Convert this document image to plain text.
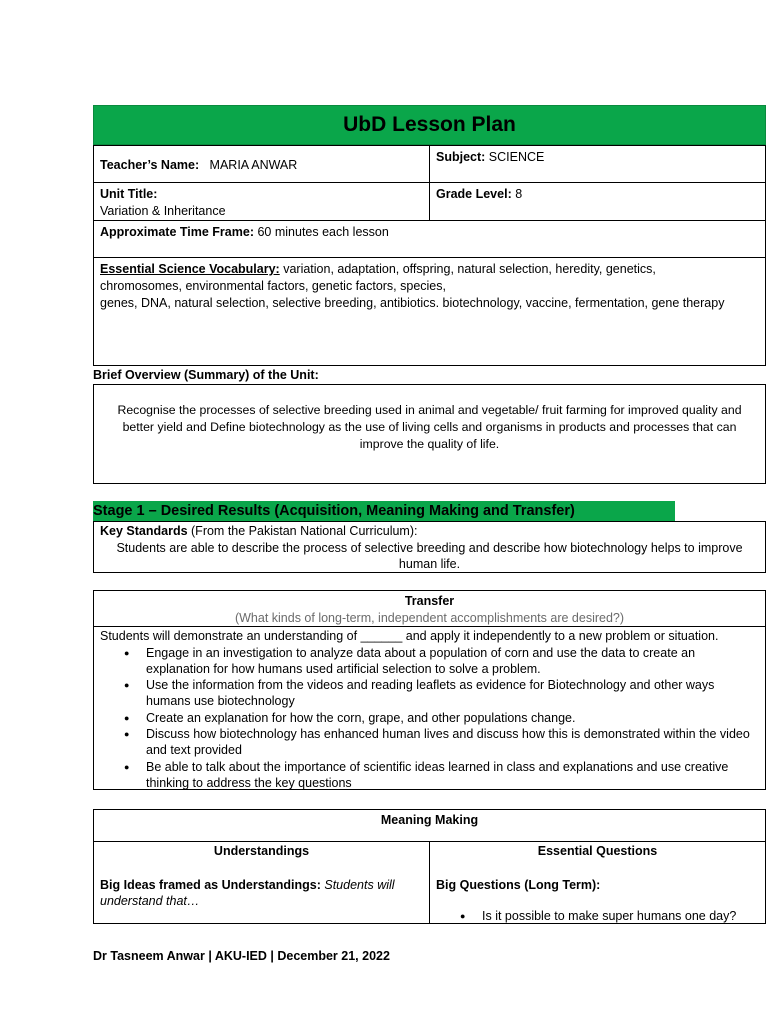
UbD Lesson Plan
Teacher’s Name: MARIA ANWAR
Subject: SCIENCE
Unit Title:
Variation & Inheritance
Grade Level: 8
Approximate Time Frame: 60 minutes each lesson
Essential Science Vocabulary: variation, adaptation, offspring, natural selection, heredity, genetics,
chromosomes, environmental factors, genetic factors, species,
genes, DNA, natural selection, selective breeding, antibiotics. biotechnology, vaccine, fermentation, gene therapy
Brief Overview (Summary) of the Unit:
Recognise the processes of selective breeding used in animal and vegetable/ fruit farming for improved quality and better yield and Define biotechnology as the use of living cells and organisms in products and processes that can improve the quality of life.
Stage 1 – Desired Results (Acquisition, Meaning Making and Transfer)
Key Standards (From the Pakistan National Curriculum):
Students are able to describe the process of selective breeding and describe how biotechnology helps to improve human life.
Transfer
(What kinds of long-term, independent accomplishments are desired?)
Students will demonstrate an understanding of ______ and apply it independently to a new problem or situation.
● Engage in an investigation to analyze data about a population of corn and use the data to create an explanation for how humans used artificial selection to solve a problem.
● Use the information from the videos and reading leaflets as evidence for Biotechnology and other ways humans use biotechnology
● Create an explanation for how the corn, grape, and other populations change.
● Discuss how biotechnology has enhanced human lives and discuss how this is demonstrated within the video and text provided
● Be able to talk about the importance of scientific ideas learned in class and explanations and use creative thinking to address the key questions
Meaning Making
Understandings
Big Ideas framed as Understandings: Students will understand that…
Essential Questions
Big Questions (Long Term):
● Is it possible to make super humans one day?
Dr Tasneem Anwar | AKU-IED | December 21, 2022
